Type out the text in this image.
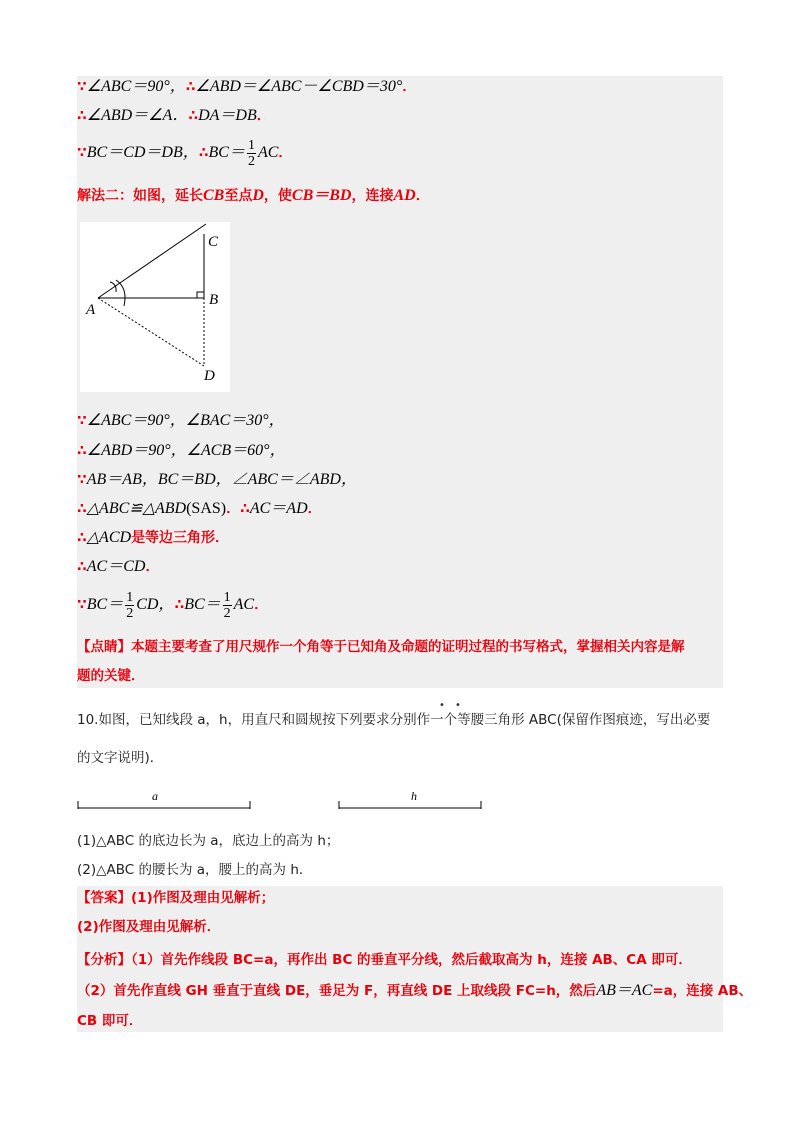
∵∠ABC＝90°，∴∠ABD＝∠ABC－∠CBD＝30°．
∴∠ABD＝∠A．∴DA＝DB．
∵BC＝CD＝DB，∴BC＝ $\frac{1}{2}$ AC．
解法二：如图，延长CB至点D，使CB＝BD，连接AD．
A
B
C
D
∵∠ABC＝90°，∠BAC＝30°，
∴∠ABD＝90°，∠ACB＝60°，
∵AB＝AB，BC＝BD，∠ABC＝∠ABD，
∴△ABC≌△ABD(SAS)．∴AC＝AD．
∴△ACD是等边三角形．
∴AC＝CD．
∵BC＝ $\frac{1}{2}$ CD，∴BC＝ $\frac{1}{2}$ AC．
【点睛】本题主要考查了用尺规作一个角等于已知角及命题的证明过程的书写格式，掌握相关内容是解
题的关键．
• •
10.如图，已知线段 a，h，用直尺和圆规按下列要求分别作一个等腰三角形 ABC(保留作图痕迹，写出必要
的文字说明)．
a	h
(1)△ABC 的底边长为 a，底边上的高为 h；
(2)△ABC 的腰长为 a，腰上的高为 h．
【答案】(1)作图及理由见解析；
(2)作图及理由见解析．
【分析】（1）首先作线段 BC=a，再作出 BC 的垂直平分线，然后截取高为 h，连接 AB、CA 即可．
（2）首先作直线 GH 垂直于直线 DE，垂足为 F，再直线 DE 上取线段 FC=h，然后AB＝AC=a，连接 AB、
CB 即可．
